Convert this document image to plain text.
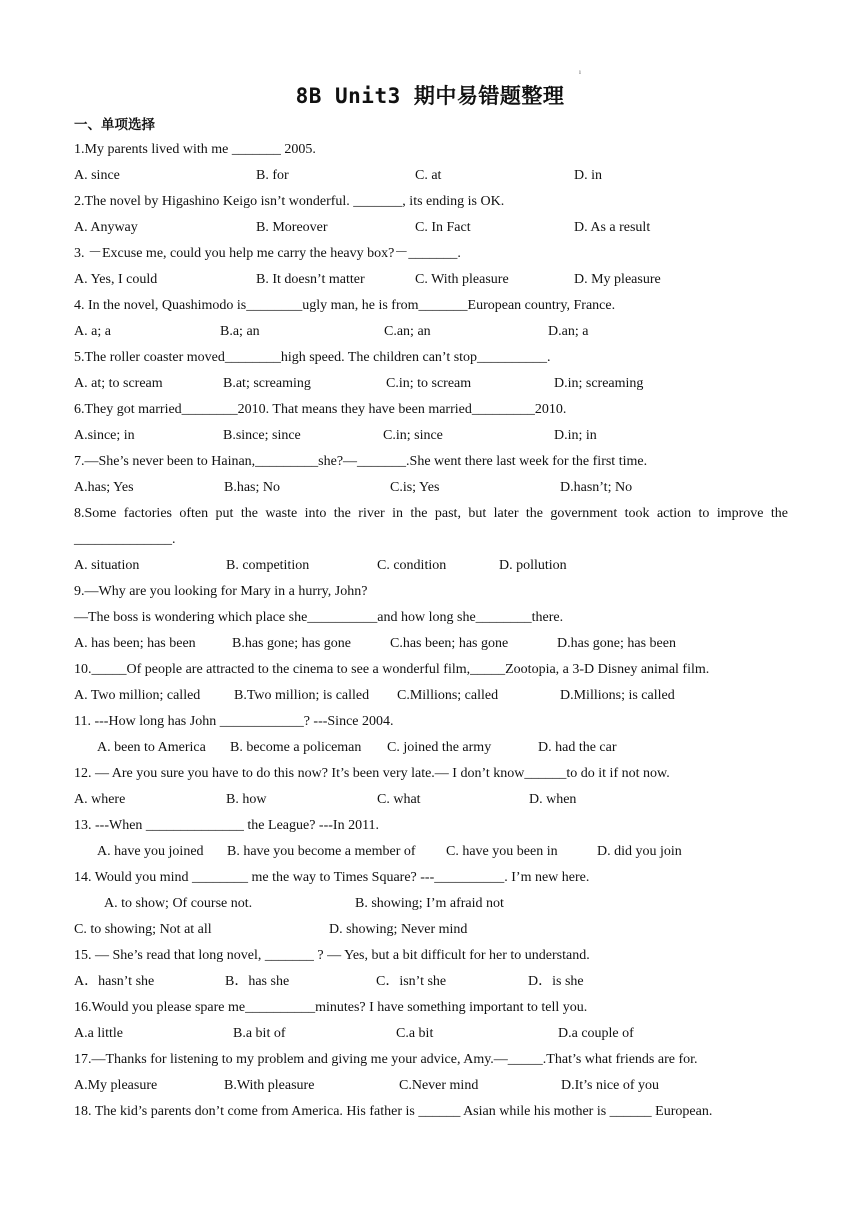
ı
8B Unit3 期中易错题整理
一、单项选择
1.My parents lived with me _______ 2005.
A. since	B. for	C. at	D. in
2.The novel by Higashino Keigo isn’t wonderful. _______, its ending is OK.
A. Anyway	B. Moreover	C. In Fact	D. As a result
3. －Excuse me, could you help me carry the heavy box?－_______.
A. Yes, I could	B. It doesn’t matter	C. With pleasure	D. My pleasure
4. In the novel, Quashimodo is________ugly man, he is from_______European country, France.
A. a; a	B.a; an	C.an; an	D.an; a
5.The roller coaster moved________high speed. The children can’t stop__________.
A. at; to scream	B.at; screaming	C.in; to scream	D.in; screaming
6.They got married________2010. That means they have been married_________2010.
A.since; in	B.since; since	C.in; since	D.in; in
7.—She’s never been to Hainan,_________she?—_______.She went there last week for the first time.
A.has; Yes	B.has; No	C.is; Yes	D.hasn’t; No
8.Some factories often put the waste into the river in the past, but later the government took action to improve the
______________.
A. situation	B. competition	C. condition	D. pollution
9.—Why are you looking for Mary in a hurry, John?
—The boss is wondering which place she__________and how long she________there.
A. has been; has been	B.has gone; has gone	C.has been; has gone	D.has gone; has been
10._____Of people are attracted to the cinema to see a wonderful film,_____Zootopia, a 3-D Disney animal film.
A. Two million; called B.Two million; is called C.Millions; called	D.Millions; is called
11. ---How long has John ____________? ---Since 2004.
A. been to America B. become a policeman C. joined the army	D. had the car
12. — Are you sure you have to do this now? It’s been very late.— I don’t know______to do it if not now.
A. where	B. how	C. what	D. when
13. ---When ______________ the League? ---In 2011.
A. have you joined B. have you become a member of C. have you been in	D. did you join
14. Would you mind ________ me the way to Times Square? ---__________. I’m new here.
A. to show; Of course not.	B. showing; I’m afraid not
C. to showing; Not at all	D. showing; Never mind
15. — She’s read that long novel, _______ ? — Yes, but a bit difficult for her to understand.
A．hasn’t she	B．has she	C．isn’t she	D．is she
16.Would you please spare me__________minutes? I have something important to tell you.
A.a little	B.a bit of	C.a bit	D.a couple of
17.—Thanks for listening to my problem and giving me your advice, Amy.—_____.That’s what friends are for.
A.My pleasure	B.With pleasure	C.Never mind	D.It’s nice of you
18. The kid’s parents don’t come from America. His father is ______ Asian while his mother is ______ European.
